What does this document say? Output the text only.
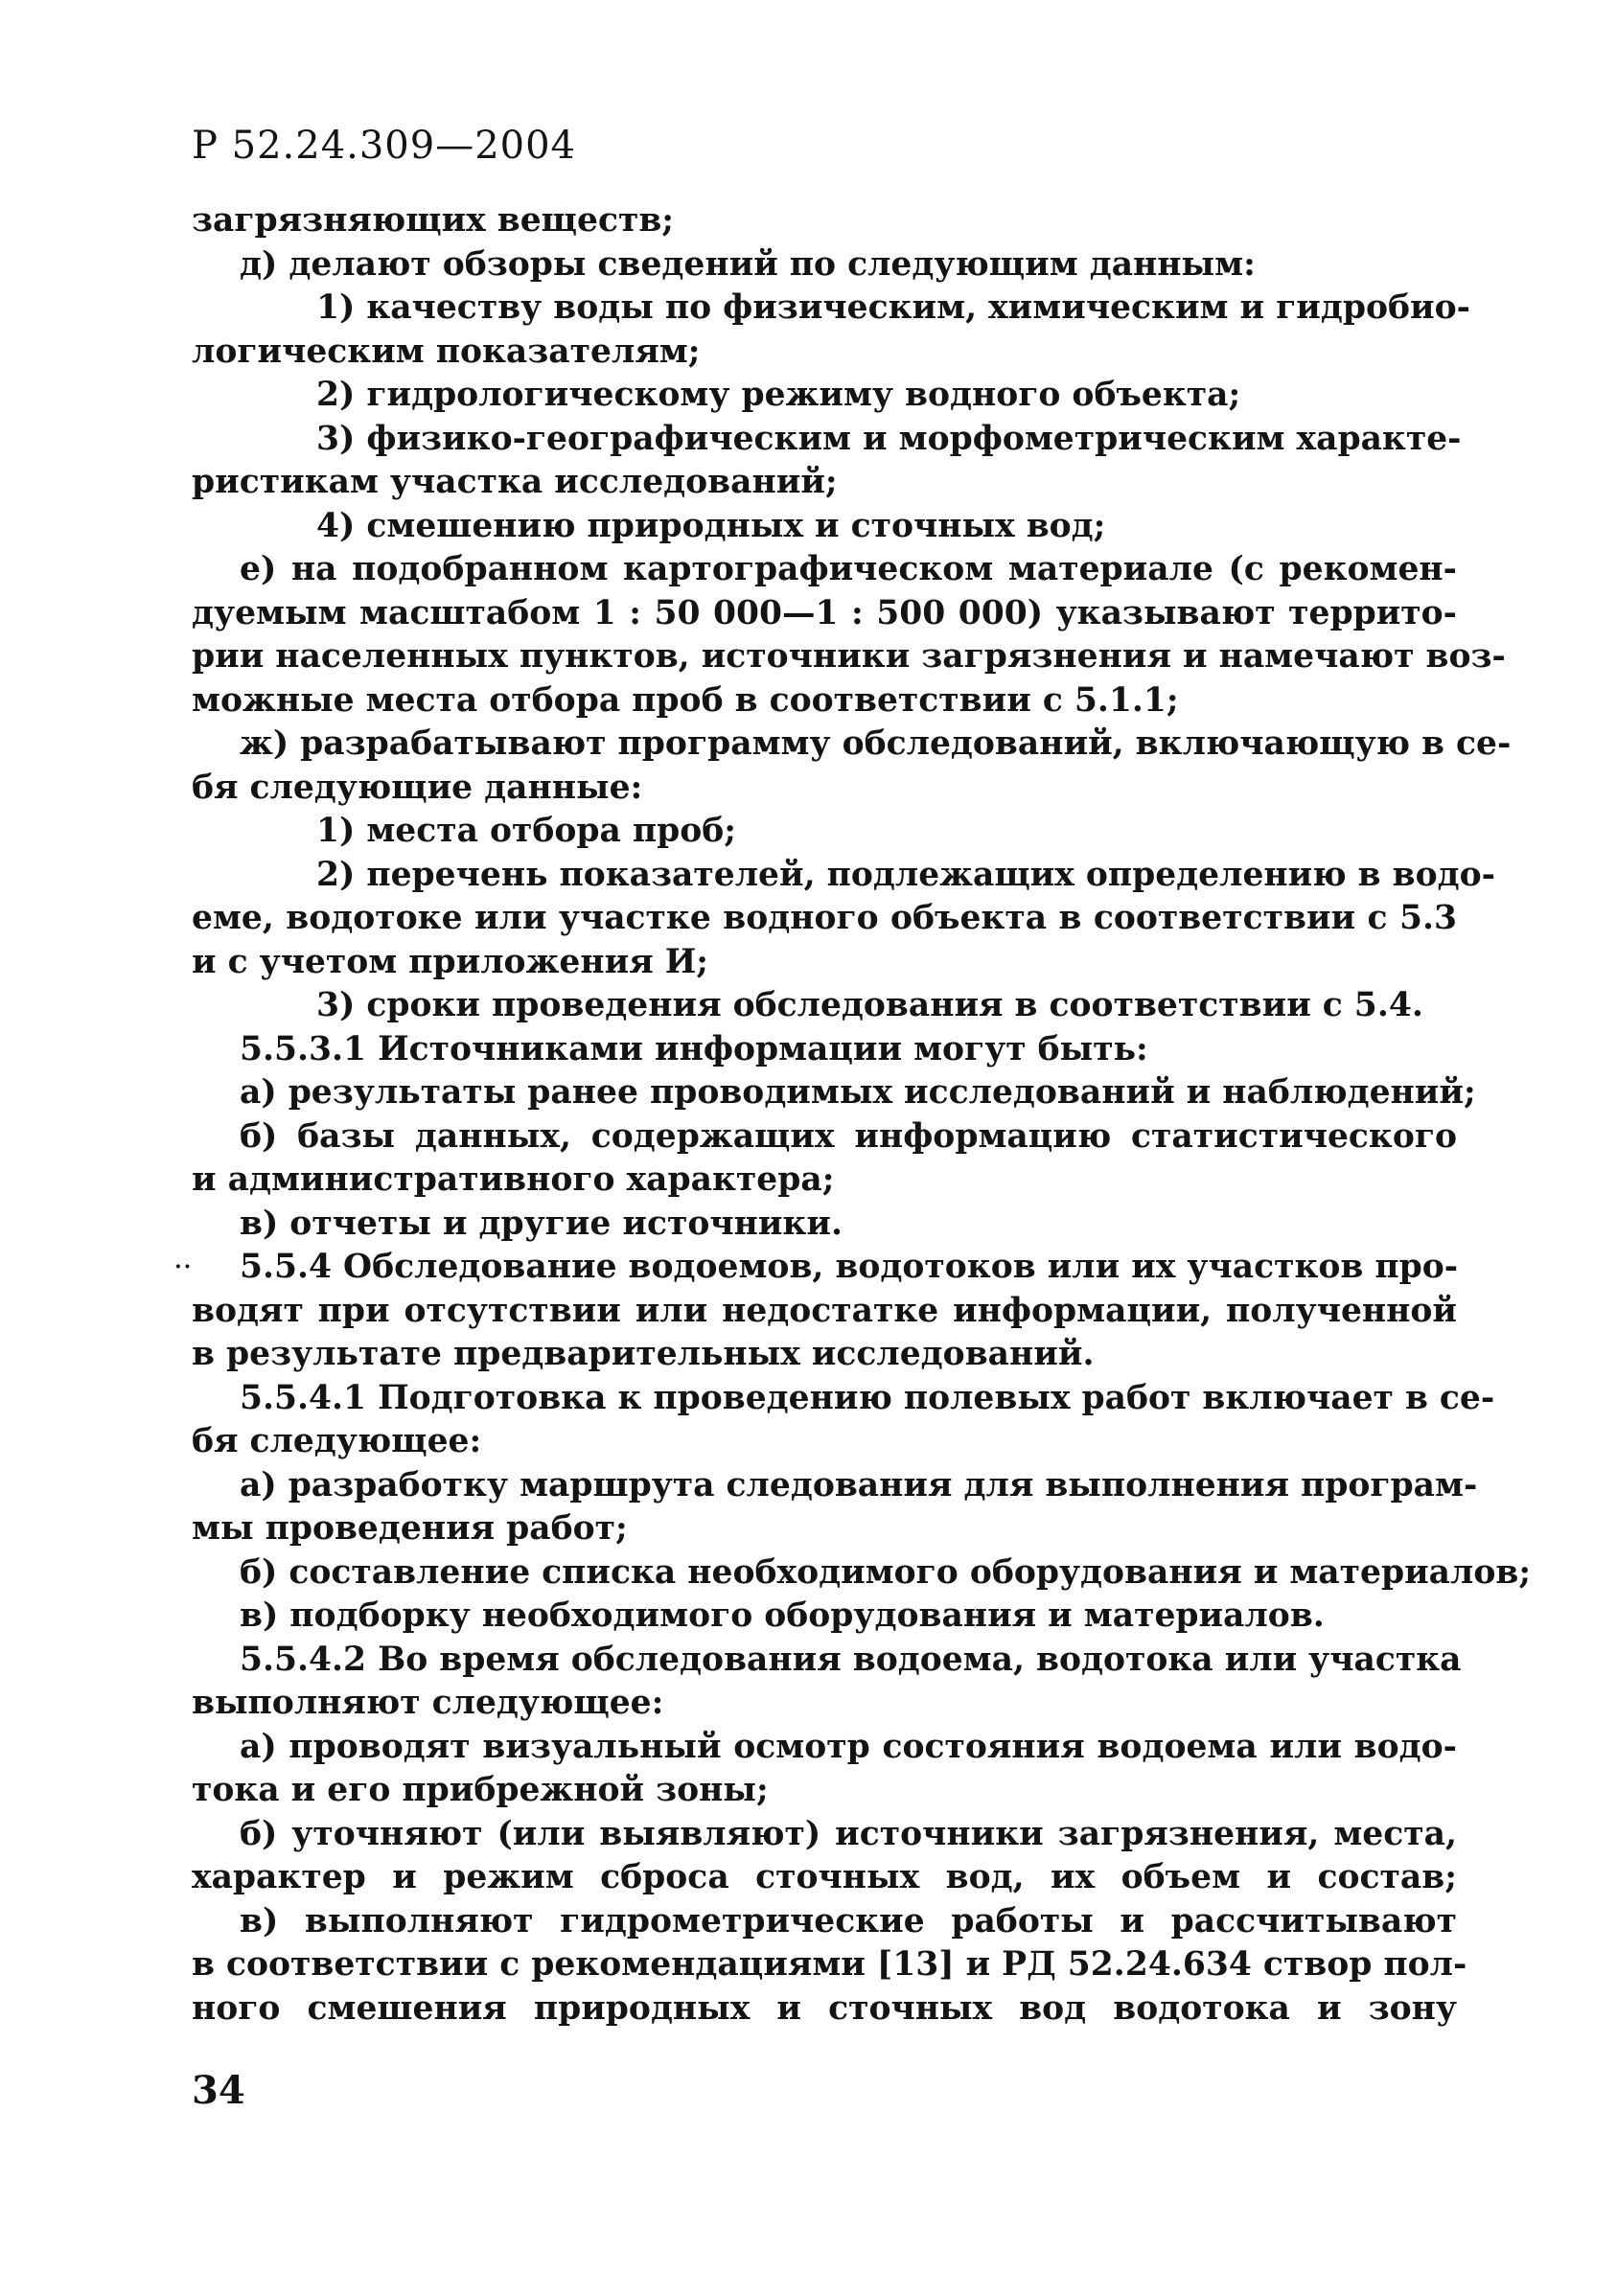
Р 52.24.309—2004
загрязняющих веществ;
д) делают обзоры сведений по следующим данным:
1) качеству воды по физическим, химическим и гидробио-
логическим показателям;
2) гидрологическому режиму водного объекта;
3) физико-географическим и морфометрическим характе-
ристикам участка исследований;
4) смешению природных и сточных вод;
е) на подобранном картографическом материале (с рекомен-
дуемым масштабом 1 : 50 000—1 : 500 000) указывают террито-
рии населенных пунктов, источники загрязнения и намечают воз-
можные места отбора проб в соответствии с 5.1.1;
ж) разрабатывают программу обследований, включающую в се-
бя следующие данные:
1) места отбора проб;
2) перечень показателей, подлежащих определению в водо-
еме, водотоке или участке водного объекта в соответствии с 5.3
и с учетом приложения И;
3) сроки проведения обследования в соответствии с 5.4.
5.5.3.1 Источниками информации могут быть:
а) результаты ранее проводимых исследований и наблюдений;
б) базы данных, содержащих информацию статистического
и административного характера;
в) отчеты и другие источники.
5.5.4 Обследование водоемов, водотоков или их участков про-
водят при отсутствии или недостатке информации, полученной
в результате предварительных исследований.
5.5.4.1 Подготовка к проведению полевых работ включает в се-
бя следующее:
а) разработку маршрута следования для выполнения програм-
мы проведения работ;
б) составление списка необходимого оборудования и материалов;
в) подборку необходимого оборудования и материалов.
5.5.4.2 Во время обследования водоема, водотока или участка
выполняют следующее:
а) проводят визуальный осмотр состояния водоема или водо-
тока и его прибрежной зоны;
б) уточняют (или выявляют) источники загрязнения, места,
характер и режим сброса сточных вод, их объем и состав;
в) выполняют гидрометрические работы и рассчитывают
в соответствии с рекомендациями [13] и РД 52.24.634 створ пол-
ного смешения природных и сточных вод водотока и зону
··
34
